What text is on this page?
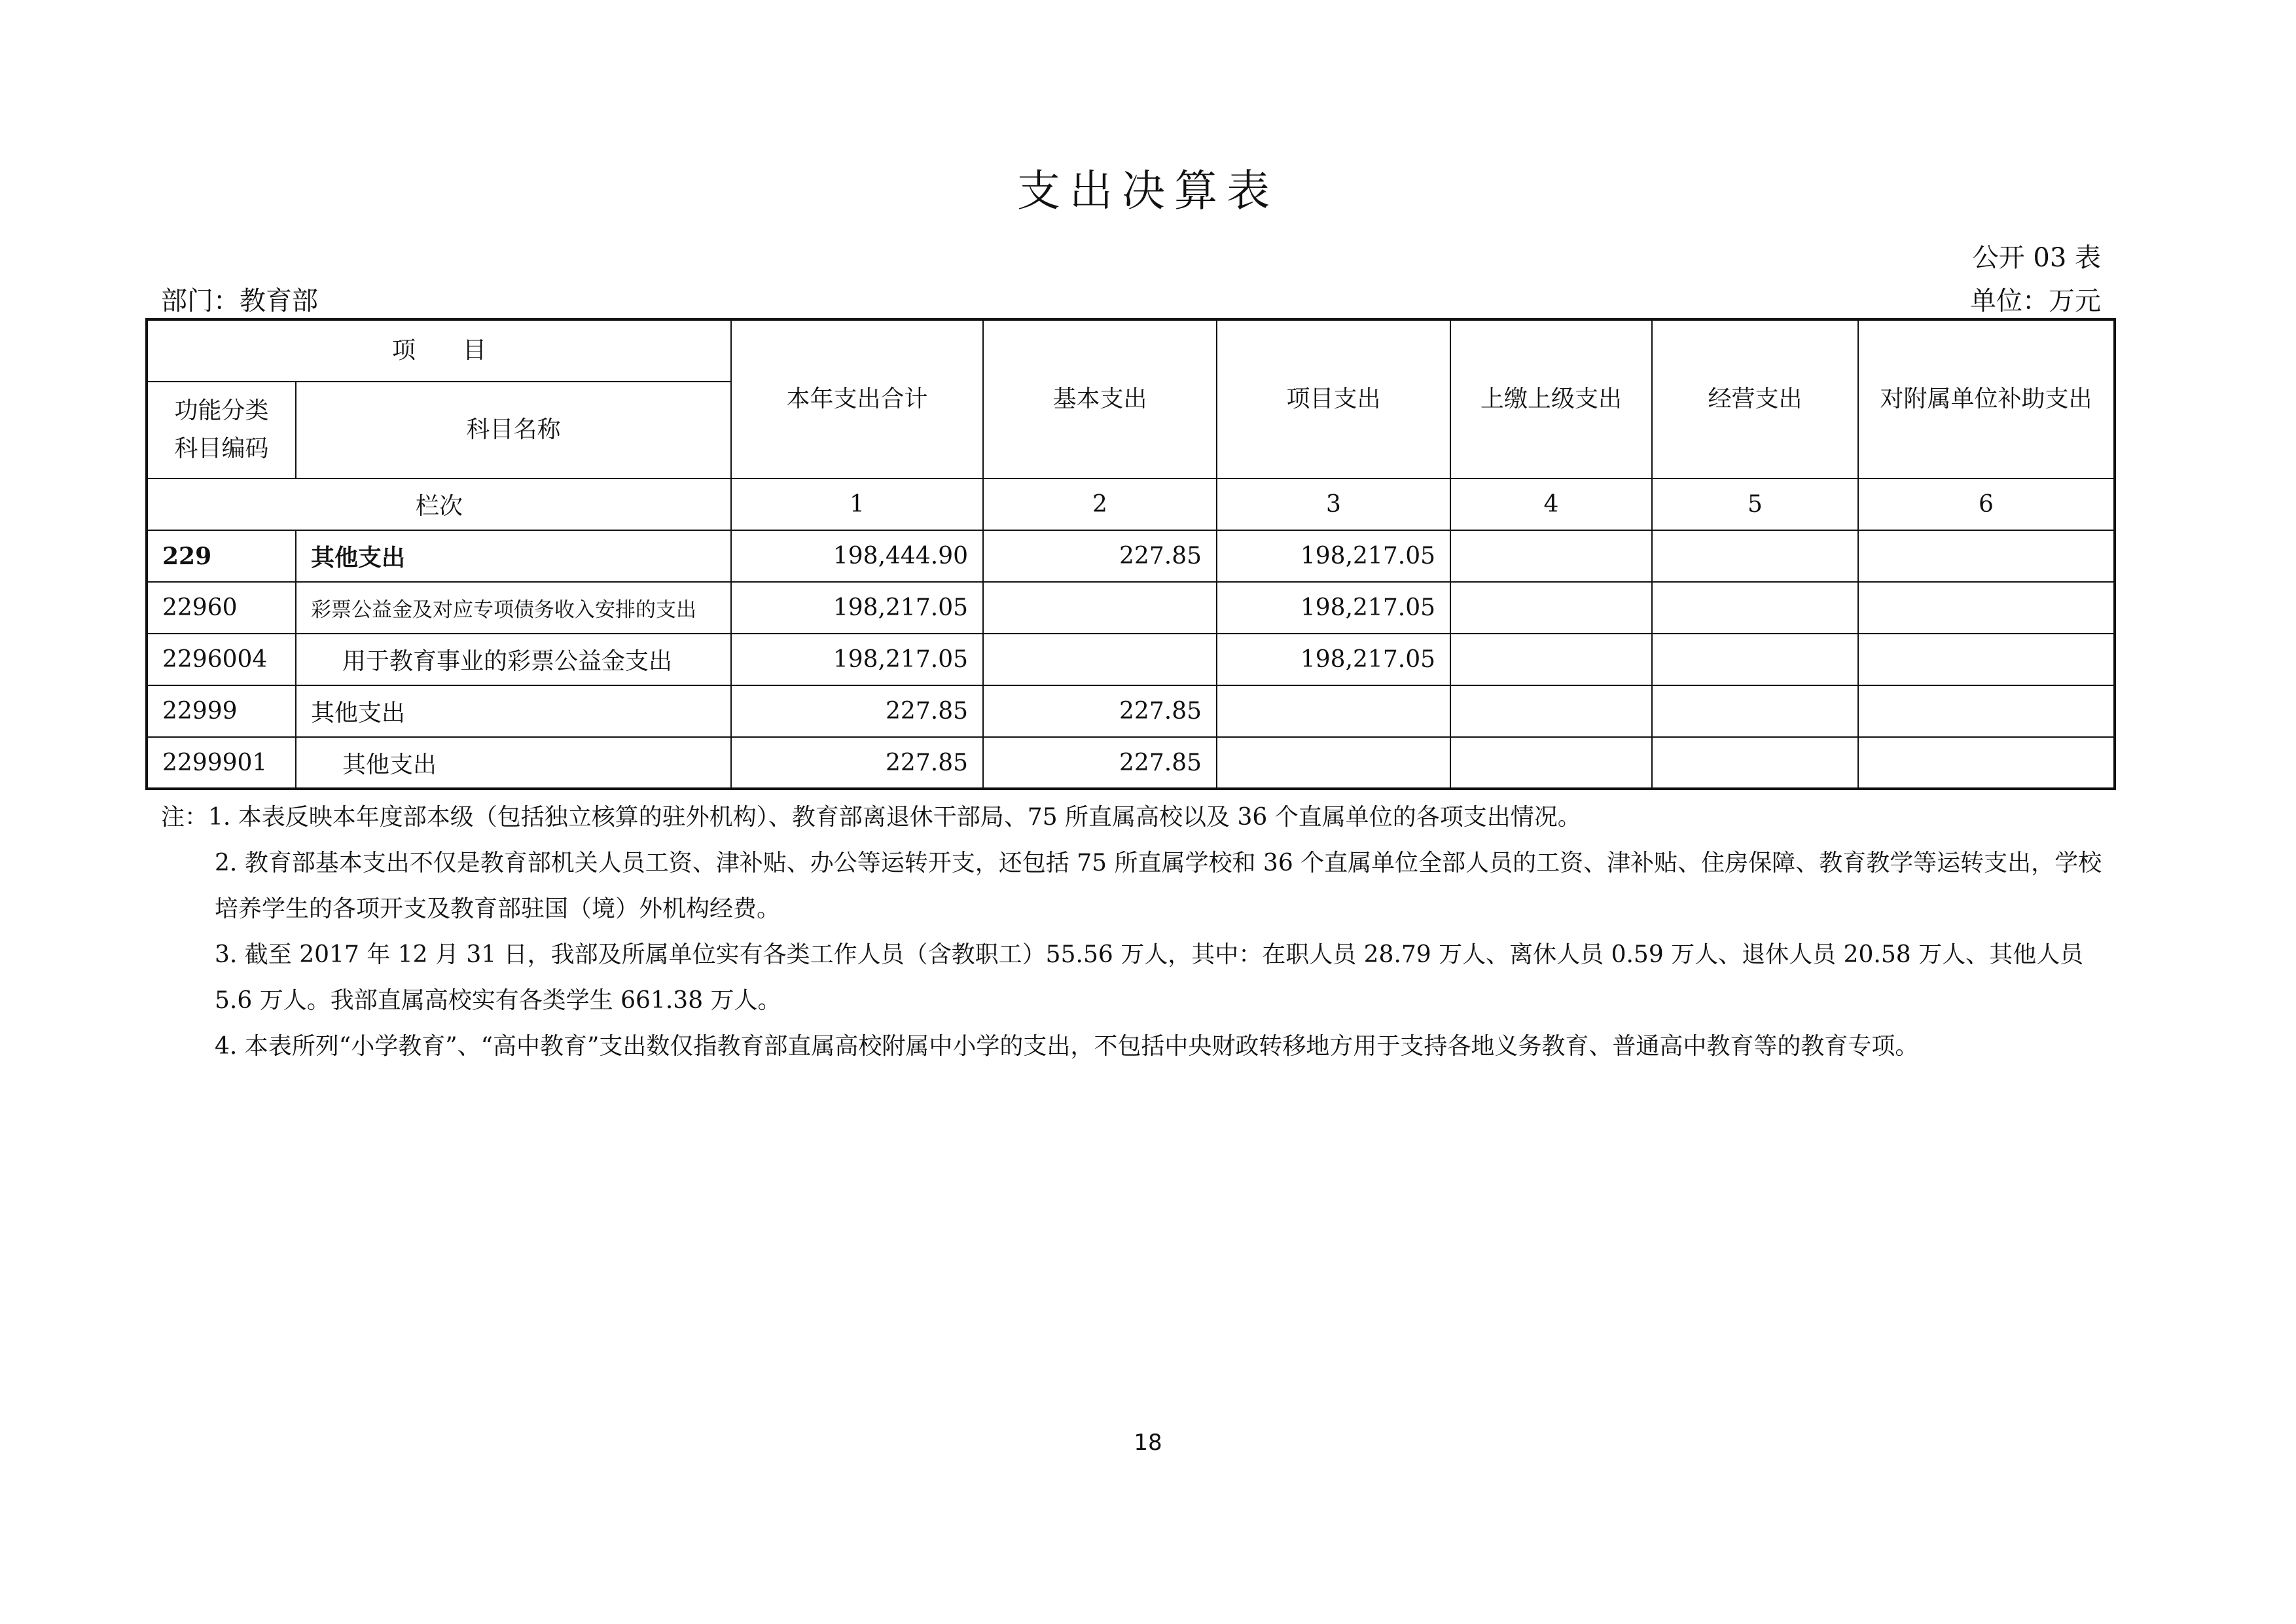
支出决算表
公开 03 表
部门：教育部	单位：万元
项　　目		本年支出合计	基本支出	项目支出	上缴上级支出	经营支出	对附属单位补助支出
功能分类科目编码	科目名称						
栏次		1	2	3	4	5	6
229	其他支出	198,444.90	227.85	198,217.05			
22960	彩票公益金及对应专项债务收入安排的支出	198,217.05		198,217.05			
2296004	用于教育事业的彩票公益金支出	198,217.05		198,217.05			
22999	其他支出	227.85	227.85				
2299901	其他支出	227.85	227.85				
注：1. 本表反映本年度部本级（包括独立核算的驻外机构）、教育部离退休干部局、75 所直属高校以及 36 个直属单位的各项支出情况。
2. 教育部基本支出不仅是教育部机关人员工资、津补贴、办公等运转开支，还包括 75 所直属学校和 36 个直属单位全部人员的工资、津补贴、住房保障、教育教学等运转支出，学校培养学生的各项开支及教育部驻国（境）外机构经费。
3. 截至 2017 年 12 月 31 日，我部及所属单位实有各类工作人员（含教职工）55.56 万人，其中：在职人员 28.79 万人、离休人员 0.59 万人、退休人员 20.58 万人、其他人员 5.6 万人。我部直属高校实有各类学生 661.38 万人。
4. 本表所列“小学教育”、“高中教育”支出数仅指教育部直属高校附属中小学的支出，不包括中央财政转移地方用于支持各地义务教育、普通高中教育等的教育专项。
18
